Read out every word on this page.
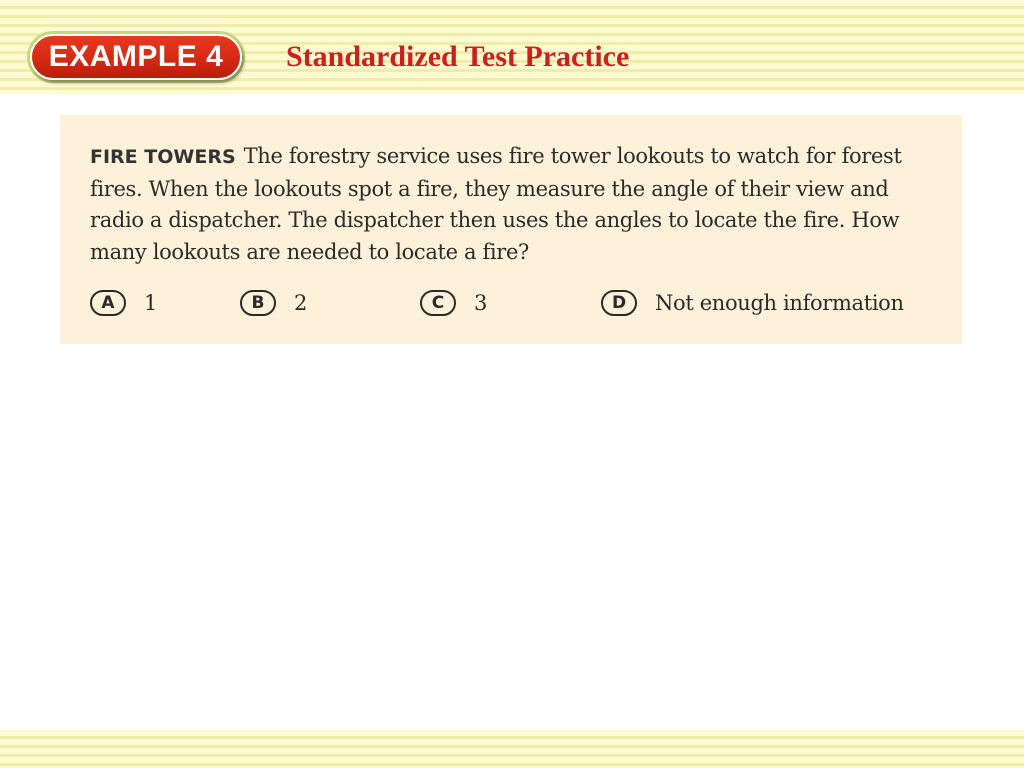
EXAMPLE 4 Standardized Test Practice

FIRE TOWERS The forestry service uses fire tower lookouts to watch for forest fires. When the lookouts spot a fire, they measure the angle of their view and radio a dispatcher. The dispatcher then uses the angles to locate the fire. How many lookouts are needed to locate a fire?

A	1	B	2	C	3	D	Not enough information
